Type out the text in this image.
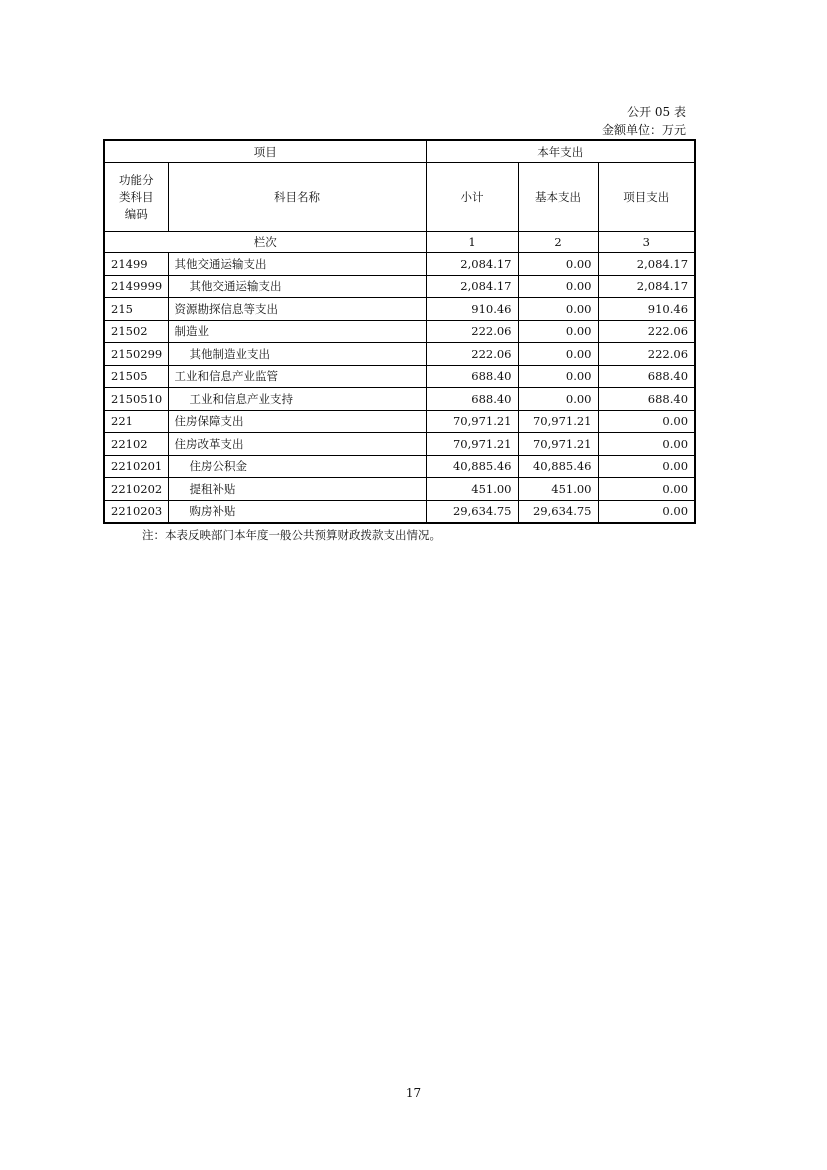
公开 05 表
金额单位：万元
项目		本年支出		

功能分
类科目
编码	科目名称	小计	基本支出	项目支出
栏次		1	2	3
21499	其他交通运输支出	2,084.17	0.00	2,084.17
2149999	其他交通运输支出	2,084.17	0.00	2,084.17
215	资源勘探信息等支出	910.46	0.00	910.46
21502	制造业	222.06	0.00	222.06
2150299	其他制造业支出	222.06	0.00	222.06
21505	工业和信息产业监管	688.40	0.00	688.40
2150510	工业和信息产业支持	688.40	0.00	688.40
221	住房保障支出	70,971.21	70,971.21	0.00
22102	住房改革支出	70,971.21	70,971.21	0.00
2210201	住房公积金	40,885.46	40,885.46	0.00
2210202	提租补贴	451.00	451.00	0.00
2210203	购房补贴	29,634.75	29,634.75	0.00
注：本表反映部门本年度一般公共预算财政拨款支出情况。
17
